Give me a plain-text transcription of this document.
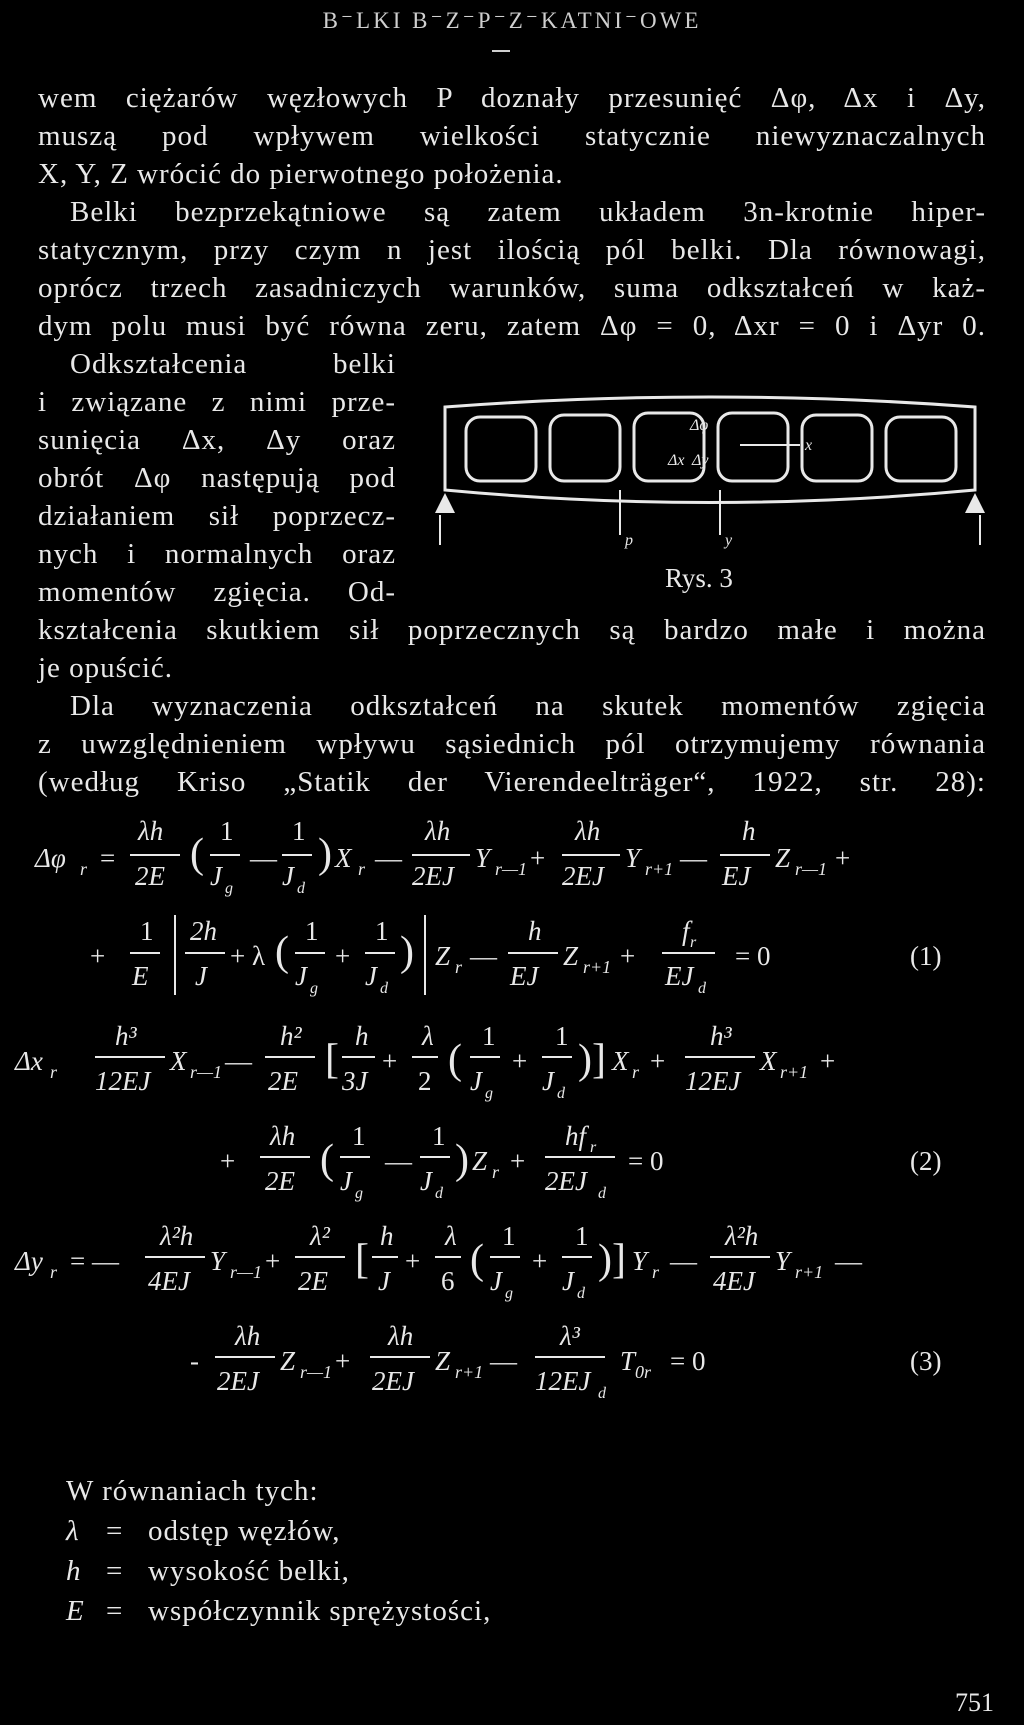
B⁻LKI B⁻Z⁻P⁻Z⁻KATNI⁻OWE
wem ciężarów węzłowych P doznały przesunięć Δφ, Δx i Δy,
muszą pod wpływem wielkości statycznie niewyznaczalnych
X, Y, Z wrócić do pierwotnego położenia.
Belki bezprzekątniowe są zatem układem 3n-krotnie hiper-
statycznym, przy czym n jest ilością pól belki. Dla równowagi,
oprócz trzech zasadniczych warunków, suma odkształceń w każ-
dym polu musi być równa zeru, zatem Δφ = 0, Δxr = 0 i Δyr 0.
Odkształcenia belki
i związane z nimi prze-
sunięcia Δx, Δy oraz
obrót Δφ następują pod
działaniem sił poprzecz-
nych i normalnych oraz
momentów zgięcia. Od-
Δφ
Δx Δy
x
p	y
Rys. 3
kształcenia skutkiem sił poprzecznych są bardzo małe i można
je opuścić.
Dla wyznaczenia odkształceń na skutek momentów zgięcia
z uwzględnieniem wpływu sąsiednich pól otrzymujemy równania
(według Kriso „Statik der Vierendeelträger“, 1922, str. 28):
Δφ r =
λh
2E ( 1
J g
—
1
J d
) X r —
λh
2EJ
Y r—1 +
λh
2EJ
Y r+1 —
h
EJ
Z r—1 +
+
1
E
2h
J
+ λ ( 1
J g
+
1
J d
) Z r —
h
EJ
Z r+1 +
f r
EJ d
= 0	(1)
Δx r
h³
12EJ
X r—1 —
h²
2E [
h
3J
+
λ
2 (
1
J g
+
1
J d
)] X r +
h³
12EJ
X r+1 +
+
λh
2E (
1
J g
—
1
J d
) Z r +
hf r
2EJ d
= 0	(2)
Δy r = —
λ²h
4EJ
Y r—1 +
λ²
2E [
h
J
+
λ
6 (
1
J g
+
1
J d
)] Y r —
λ²h
4EJ
Y r+1 —
-
λh
2EJ
Z r—1 +
λh
2EJ
Z r+1 —
λ³
12EJ d
T 0r = 0	(3)
W równaniach tych:
λ = odstęp węzłów,
h = wysokość belki,
E = współczynnik sprężystości,
751
